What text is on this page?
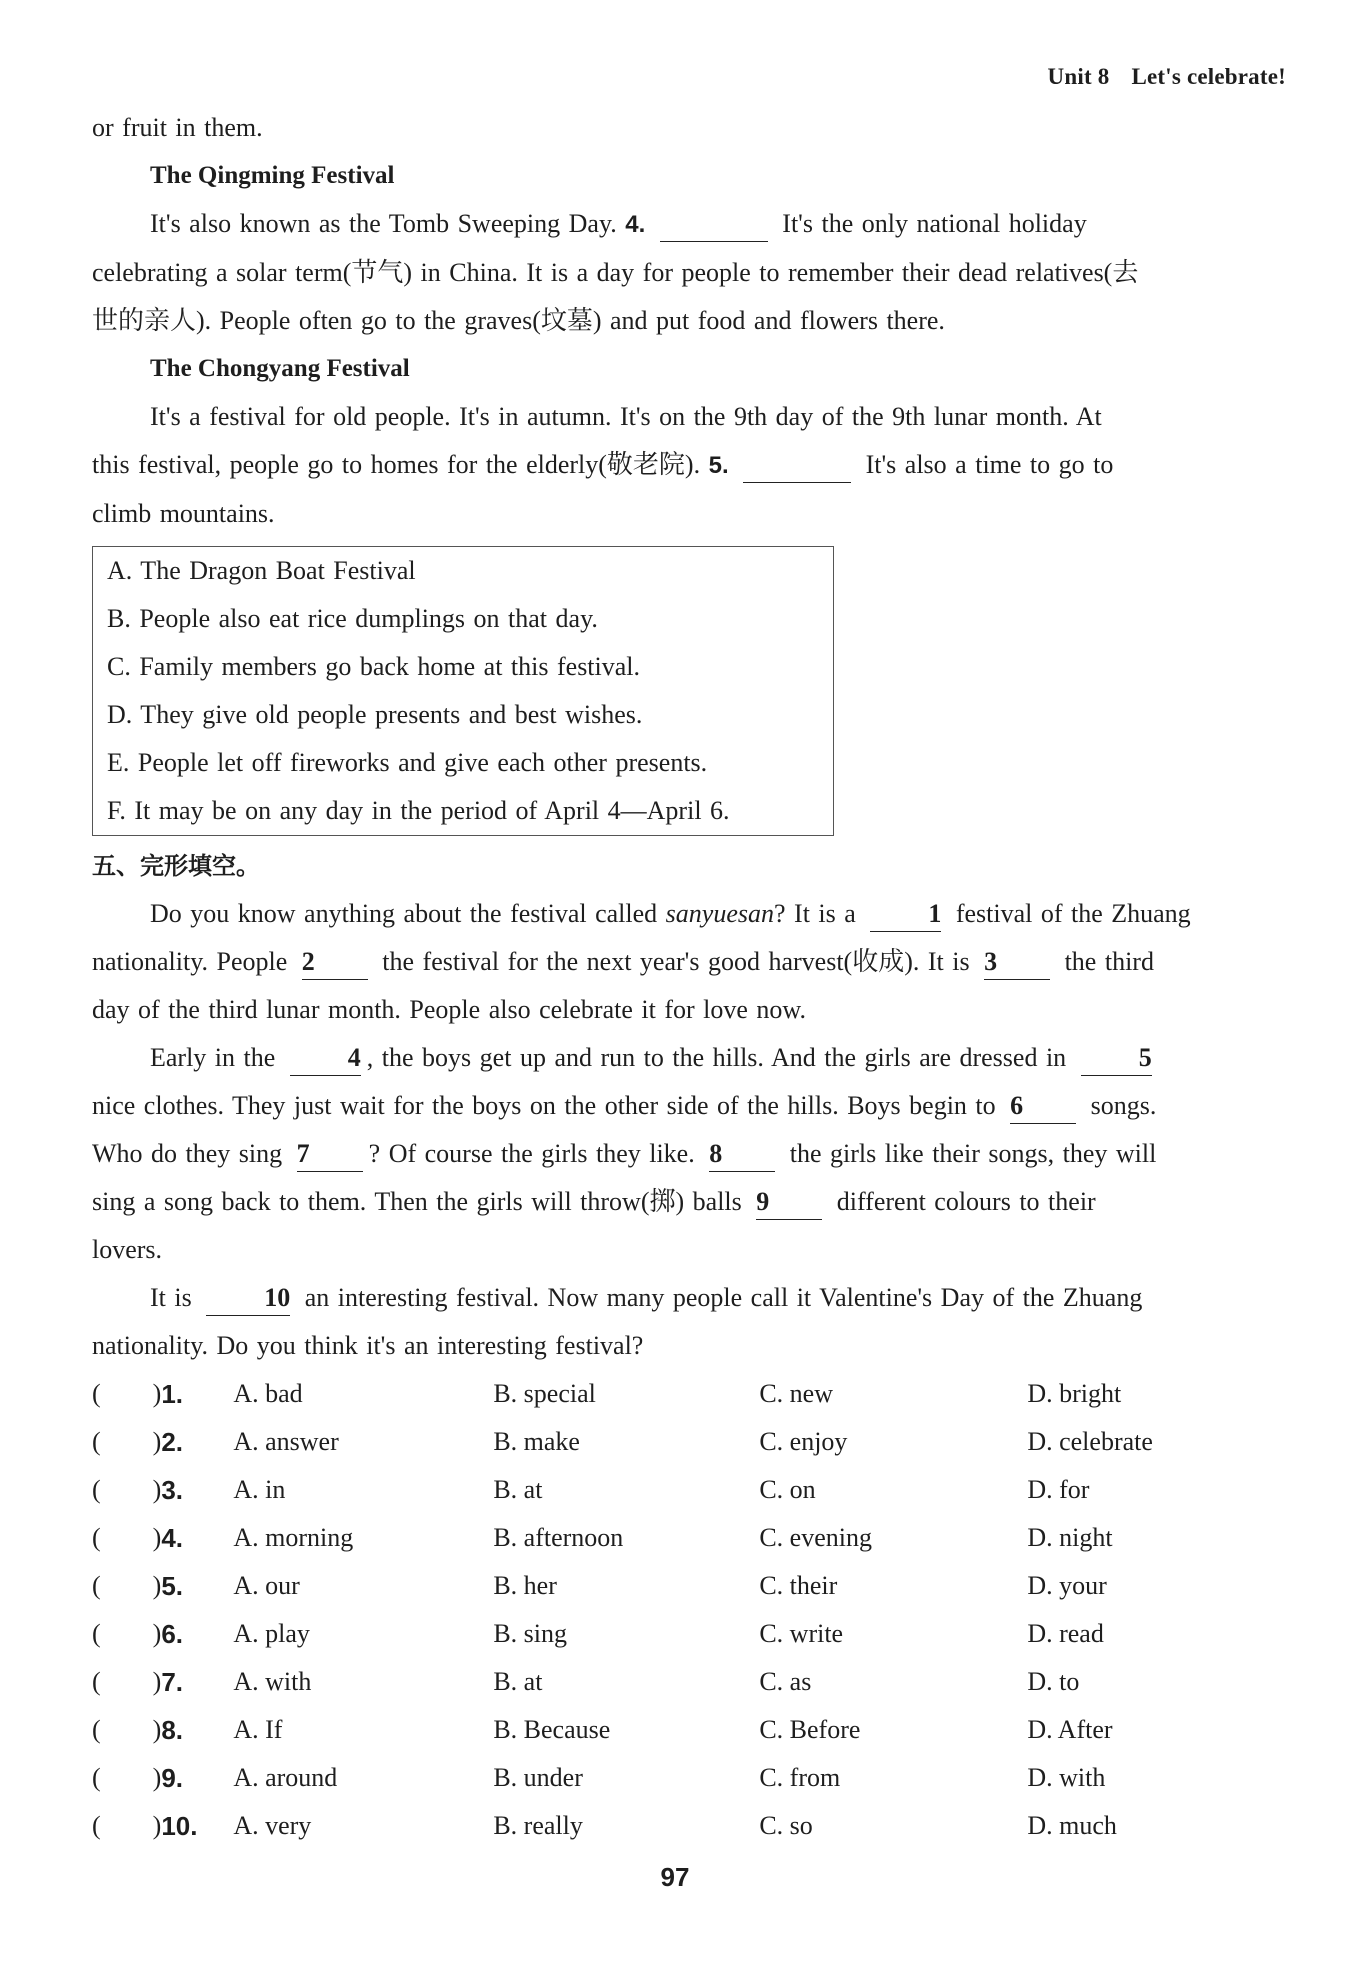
Unit 8 Let's celebrate!
or fruit in them.
The Qingming Festival
It's also known as the Tomb Sweeping Day. 4.	It's the only national holiday
celebrating a solar term(节气) in China. It is a day for people to remember their dead relatives(去
世的亲人). People often go to the graves(坟墓) and put food and flowers there.
The Chongyang Festival
It's a festival for old people. It's in autumn. It's on the 9th day of the 9th lunar month. At
this festival, people go to homes for the elderly(敬老院). 5.	It's also a time to go to
climb mountains.
A. The Dragon Boat Festival
B. People also eat rice dumplings on that day.
C. Family members go back home at this festival.
D. They give old people presents and best wishes.
E. People let off fireworks and give each other presents.
F. It may be on any day in the period of April 4—April 6.
五、完形填空。
Do you know anything about the festival called sanyuesan? It is a 1 festival of the Zhuang
nationality. People 2 the festival for the next year's good harvest(收成). It is 3 the third
day of the third lunar month. People also celebrate it for love now.
Early in the 4 , the boys get up and run to the hills. And the girls are dressed in 5
nice clothes. They just wait for the boys on the other side of the hills. Boys begin to 6 songs.
Who do they sing 7 ? Of course the girls they like. 8 the girls like their songs, they will
sing a song back to them. Then the girls will throw(掷) balls 9 different colours to their
lovers.
It is 10 an interesting festival. Now many people call it Valentine's Day of the Zhuang
nationality. Do you think it's an interesting festival?
(　　)	1.	A. bad	B. special	C. new	D. bright
(　　)	2.	A. answer	B. make	C. enjoy	D. celebrate
(　　)	3.	A. in	B. at	C. on	D. for
(　　)	4.	A. morning	B. afternoon	C. evening	D. night
(　　)	5.	A. our	B. her	C. their	D. your
(　　)	6.	A. play	B. sing	C. write	D. read
(　　)	7.	A. with	B. at	C. as	D. to
(　　)	8.	A. If	B. Because	C. Before	D. After
(　　)	9.	A. around	B. under	C. from	D. with
(　　)	10.	A. very	B. really	C. so	D. much
97
